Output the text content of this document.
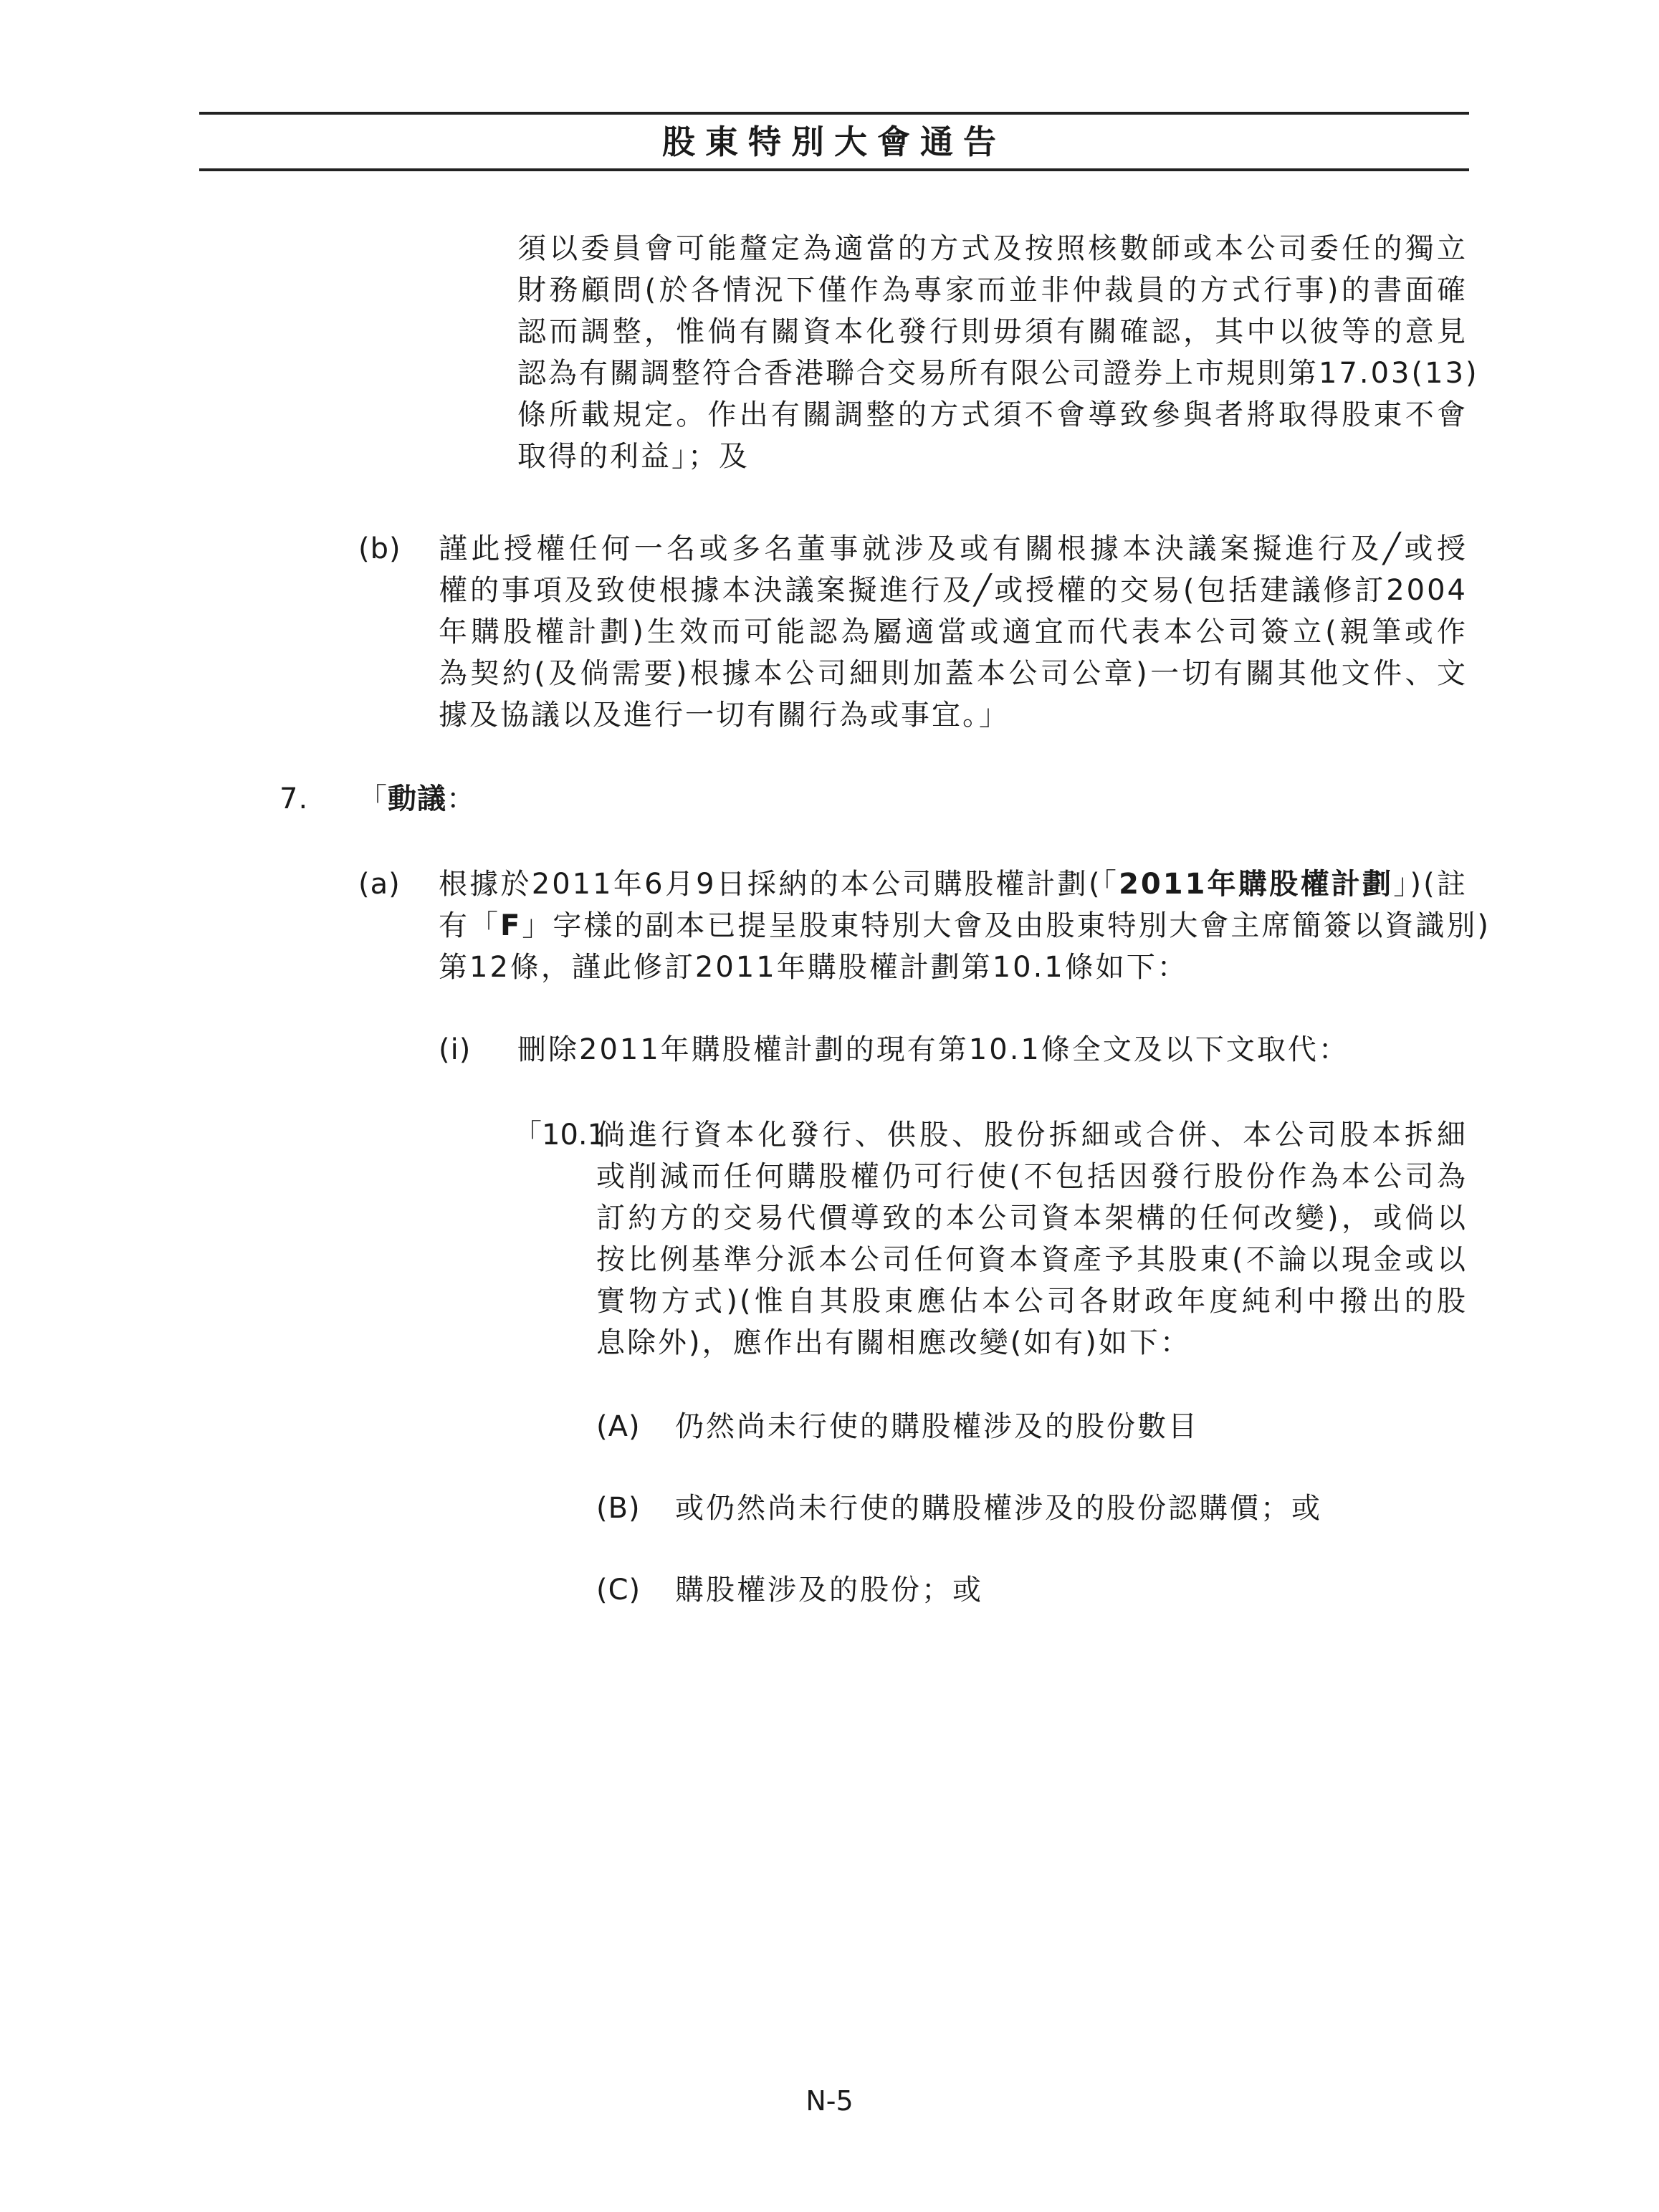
股東特別大會通告
須以委員會可能釐定為適當的方式及按照核數師或本公司委任的獨立
財務顧問(於各情況下僅作為專家而並非仲裁員的方式行事)的書面確
認而調整，惟倘有關資本化發行則毋須有關確認，其中以彼等的意見
認為有關調整符合香港聯合交易所有限公司證券上市規則第17.03(13)
條所載規定。作出有關調整的方式須不會導致參與者將取得股東不會
取得的利益」；及
(b) 謹此授權任何一名或多名董事就涉及或有關根據本決議案擬進行及╱或授
權的事項及致使根據本決議案擬進行及╱或授權的交易(包括建議修訂2004
年購股權計劃)生效而可能認為屬適當或適宜而代表本公司簽立(親筆或作
為契約(及倘需要)根據本公司細則加蓋本公司公章)一切有關其他文件、文
據及協議以及進行一切有關行為或事宜。」
7. 「動議：
(a) 根據於2011年6月9日採納的本公司購股權計劃(「2011年購股權計劃」)(註
有「F」字樣的副本已提呈股東特別大會及由股東特別大會主席簡簽以資識別)
第12條，謹此修訂2011年購股權計劃第10.1條如下：
(i) 刪除2011年購股權計劃的現有第10.1條全文及以下文取代：
「10.1
倘進行資本化發行、供股、股份拆細或合併、本公司股本拆細
或削減而任何購股權仍可行使(不包括因發行股份作為本公司為
訂約方的交易代價導致的本公司資本架構的任何改變)，或倘以
按比例基準分派本公司任何資本資產予其股東(不論以現金或以
實物方式)(惟自其股東應佔本公司各財政年度純利中撥出的股
息除外)，應作出有關相應改變(如有)如下：
(A) 仍然尚未行使的購股權涉及的股份數目
(B) 或仍然尚未行使的購股權涉及的股份認購價；或
(C) 購股權涉及的股份；或
N-5
